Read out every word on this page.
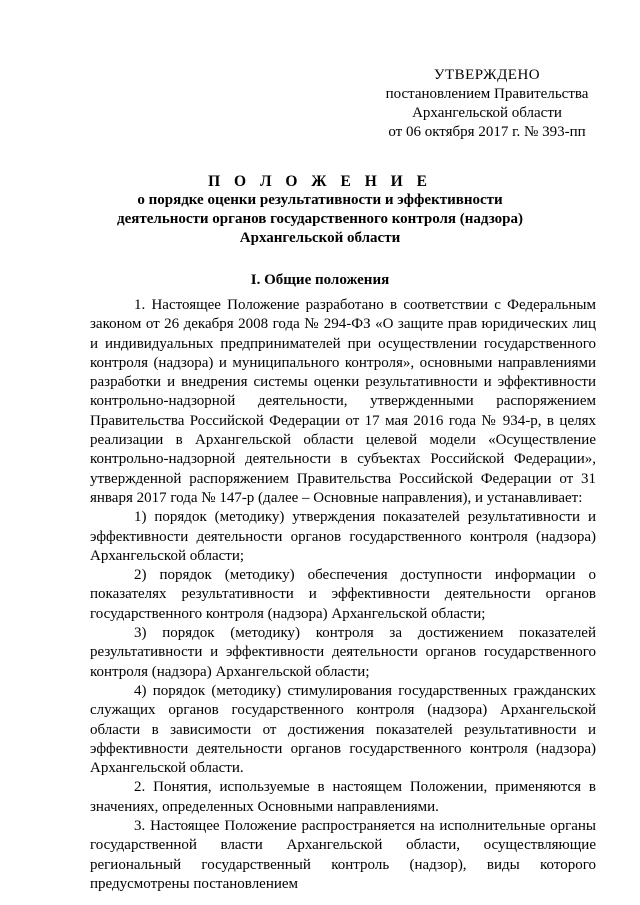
УТВЕРЖДЕНО
постановлением Правительства
Архангельской области
от 06 октября 2017 г. № 393-пп
П О Л О Ж Е Н И Е
о порядке оценки результативности и эффективности
деятельности органов государственного контроля (надзора)
Архангельской области
I. Общие положения

1. Настоящее Положение разработано в соответствии с Федеральным законом от 26 декабря 2008 года № 294-ФЗ «О защите прав юридических лиц и индивидуальных предпринимателей при осуществлении государственного контроля (надзора) и муниципального контроля», основными направлениями разработки и внедрения системы оценки результативности и эффективности контрольно-надзорной деятельности, утвержденными распоряжением Правительства Российской Федерации от 17 мая 2016 года № 934-р, в целях реализации в Архангельской области целевой модели «Осуществление контрольно-надзорной деятельности в субъектах Российской Федерации», утвержденной распоряжением Правительства Российской Федерации от 31 января 2017 года № 147-р (далее – Основные направления), и устанавливает:

1) порядок (методику) утверждения показателей результативности и эффективности деятельности органов государственного контроля (надзора) Архангельской области;

2) порядок (методику) обеспечения доступности информации о показателях результативности и эффективности деятельности органов государственного контроля (надзора) Архангельской области;

3) порядок (методику) контроля за достижением показателей результативности и эффективности деятельности органов государственного контроля (надзора) Архангельской области;

4) порядок (методику) стимулирования государственных гражданских служащих органов государственного контроля (надзора) Архангельской области в зависимости от достижения показателей результативности и эффективности деятельности органов государственного контроля (надзора) Архангельской области.

2. Понятия, используемые в настоящем Положении, применяются в значениях, определенных Основными направлениями.

3. Настоящее Положение распространяется на исполнительные органы государственной власти Архангельской области, осуществляющие региональный государственный контроль (надзор), виды которого предусмотрены постановлением
